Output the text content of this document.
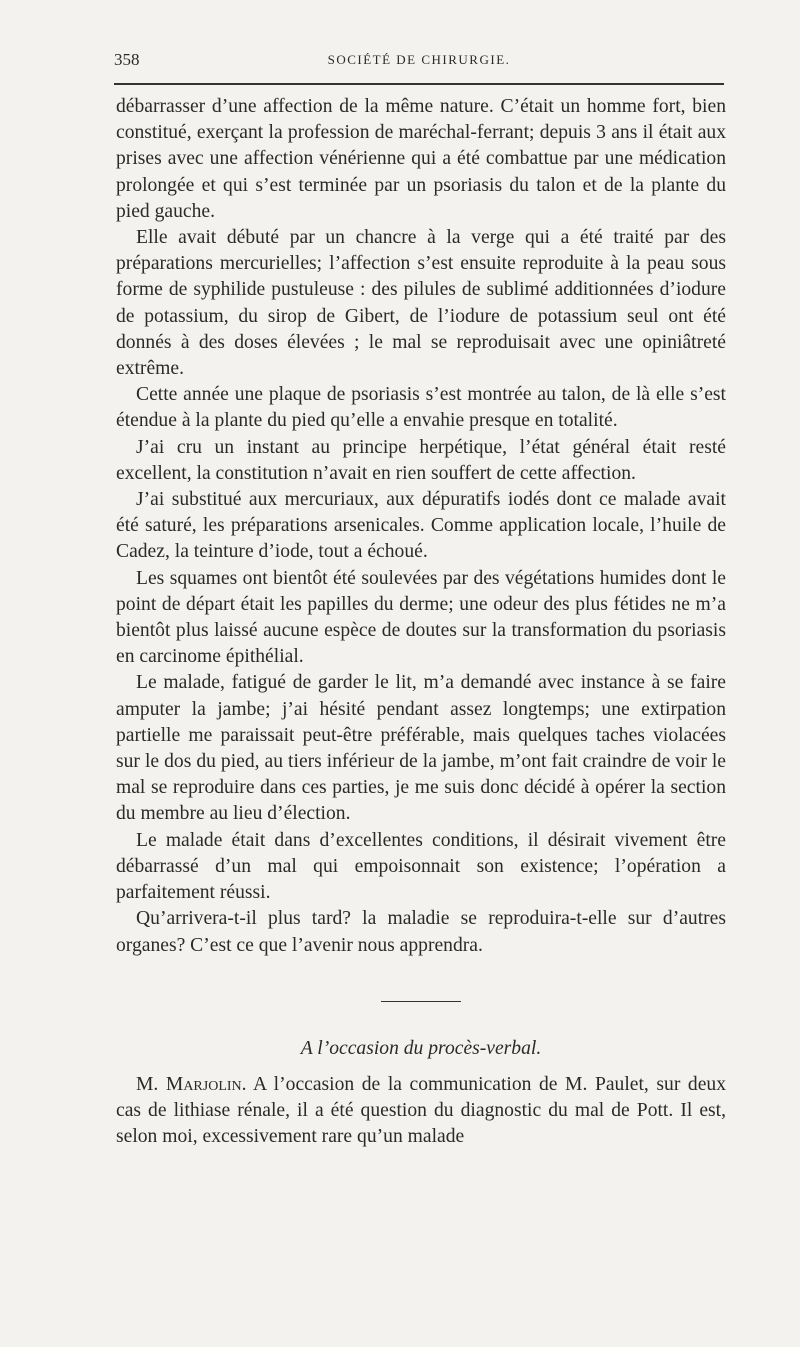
358	SOCIÉTÉ DE CHIRURGIE.

débarrasser d’une affection de la même nature. C’était un homme fort, bien constitué, exerçant la profession de maréchal-ferrant; depuis 3 ans il était aux prises avec une affection vénérienne qui a été combattue par une médication prolongée et qui s’est terminée par un psoriasis du talon et de la plante du pied gauche.

Elle avait débuté par un chancre à la verge qui a été traité par des préparations mercurielles; l’affection s’est ensuite reproduite à la peau sous forme de syphilide pustuleuse : des pilules de sublimé additionnées d’iodure de potassium, du sirop de Gibert, de l’iodure de potassium seul ont été donnés à des doses élevées ; le mal se reproduisait avec une opiniâtreté extrême.

Cette année une plaque de psoriasis s’est montrée au talon, de là elle s’est étendue à la plante du pied qu’elle a envahie presque en totalité.

J’ai cru un instant au principe herpétique, l’état général était resté excellent, la constitution n’avait en rien souffert de cette affection.

J’ai substitué aux mercuriaux, aux dépuratifs iodés dont ce malade avait été saturé, les préparations arsenicales. Comme application locale, l’huile de Cadez, la teinture d’iode, tout a échoué.

Les squames ont bientôt été soulevées par des végétations humides dont le point de départ était les papilles du derme; une odeur des plus fétides ne m’a bientôt plus laissé aucune espèce de doutes sur la transformation du psoriasis en carcinome épithélial.

Le malade, fatigué de garder le lit, m’a demandé avec instance à se faire amputer la jambe; j’ai hésité pendant assez longtemps; une extirpation partielle me paraissait peut-être préférable, mais quelques taches violacées sur le dos du pied, au tiers inférieur de la jambe, m’ont fait craindre de voir le mal se reproduire dans ces parties, je me suis donc décidé à opérer la section du membre au lieu d’élection.

Le malade était dans d’excellentes conditions, il désirait vivement être débarrassé d’un mal qui empoisonnait son existence; l’opération a parfaitement réussi.

Qu’arrivera-t-il plus tard? la maladie se reproduira-t-elle sur d’autres organes? C’est ce que l’avenir nous apprendra.

A l’occasion du procès-verbal.

M. Marjolin. A l’occasion de la communication de M. Paulet, sur deux cas de lithiase rénale, il a été question du diagnostic du mal de Pott. Il est, selon moi, excessivement rare qu’un malade
